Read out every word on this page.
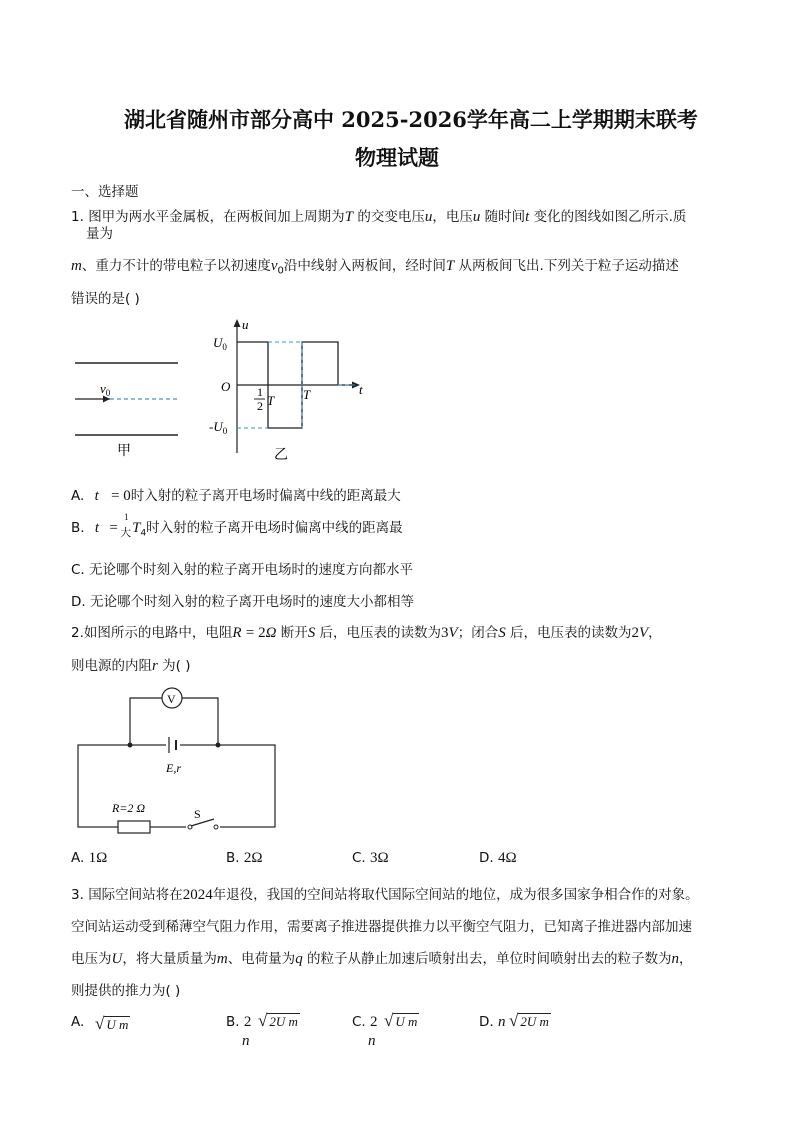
湖北省随州市部分高中 2025-2026学年高二上学期期末联考
物理试题
一、选择题
1. 图甲为两水平金属板，在两板间加上周期为T 的交变电压u，电压u 随时间t 变化的图线如图乙所示.质
量为
m、重力不计的带电粒子以初速度$v_0$沿中线射入两板间，经时间T 从两板间飞出.下列关于粒子运动描述
错误的是( )
$v_0$
甲
$U_0$
$-U_0$
O
u
t
1
2 T T
乙
A. t = 0时入射的粒子离开电场时偏离中线的距离最大
B. t =
1
大 $T_4$时入射的粒子离开电场时偏离中线的距离最
C. 无论哪个时刻入射的粒子离开电场时的速度方向都水平
D. 无论哪个时刻入射的粒子离开电场时的速度大小都相等
2.如图所示的电路中，电阻R = 2Ω 断开S 后，电压表的读数为3V；闭合S 后，电压表的读数为2V，
则电源的内阻r 为( )
V
E,r
R=2 Ω	S
A. 1Ω	B. 2Ω	C. 3Ω	D. 4Ω
3. 国际空间站将在2024年退役，我国的空间站将取代国际空间站的地位，成为很多国家争相合作的对象。
空间站运动受到稀薄空气阻力作用，需要离子推进器提供推力以平衡空气阻力，已知离子推进器内部加速
电压为U，将大量质量为m、电荷量为q 的粒子从静止加速后喷射出去，单位时间喷射出去的粒子数为n，
则提供的推力为( )
A. √ U m	B. 2 √ 2U m
n
C. 2 √ U m
n
D. n √ 2U m
